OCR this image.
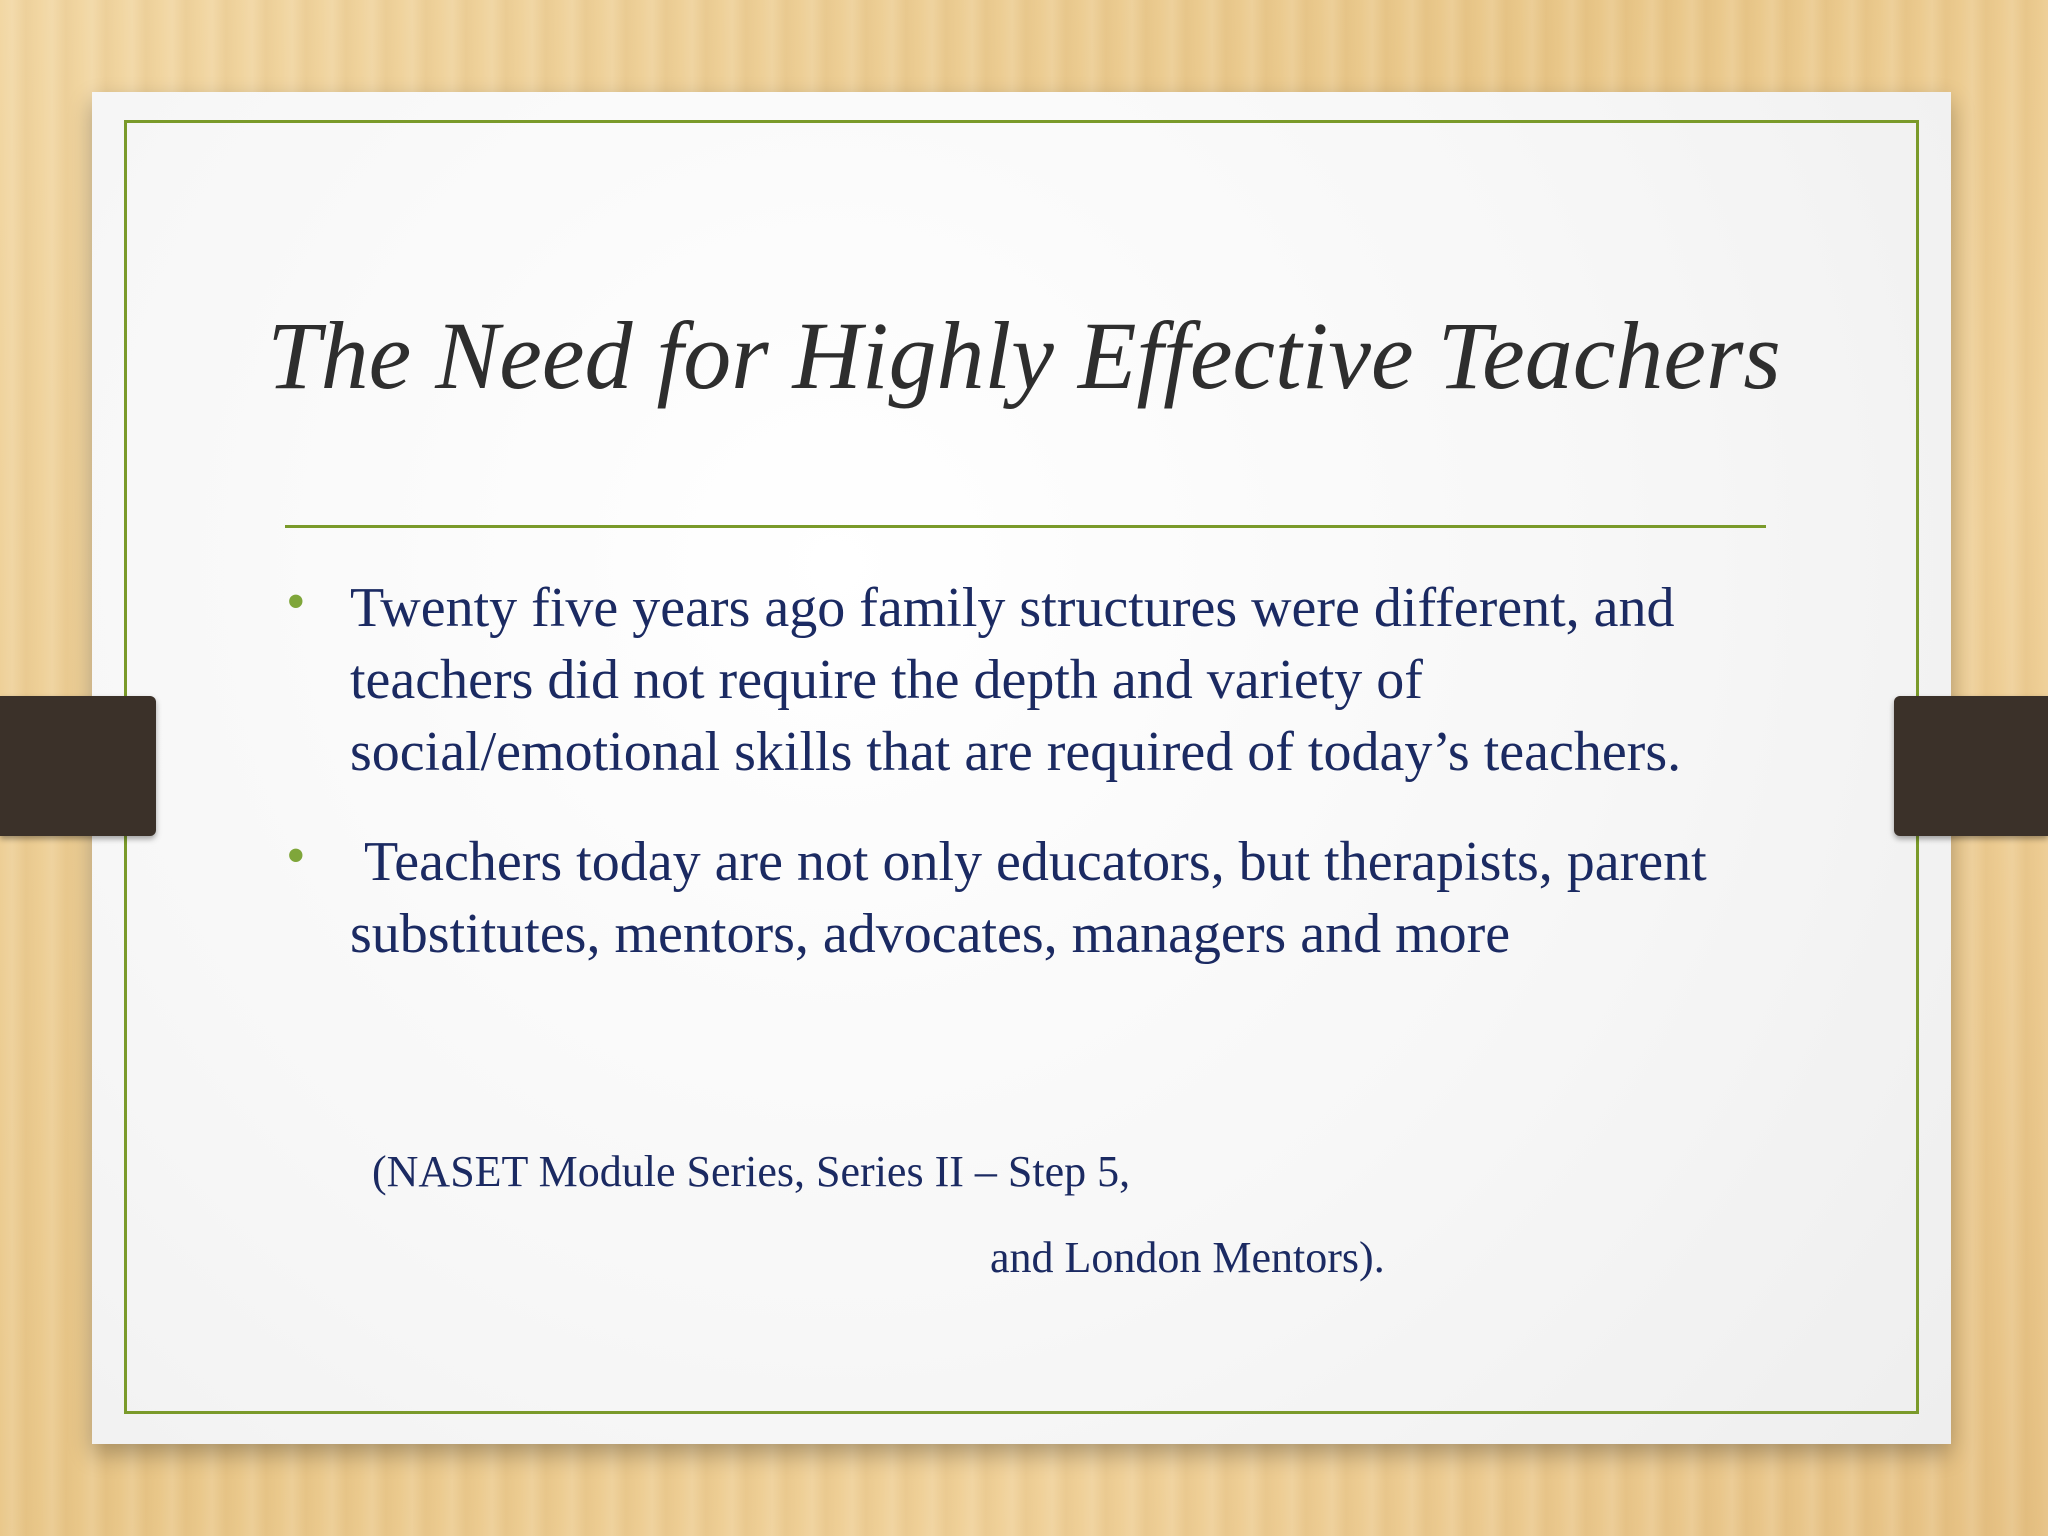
The Need for Highly Effective Teachers
• Twenty five years ago family structures were different, and teachers did not require the depth and variety of social/emotional skills that are required of today’s teachers.
• Teachers today are not only educators, but therapists, parent substitutes, mentors, advocates, managers and more
(NASET Module Series, Series II – Step 5,
and London Mentors).
